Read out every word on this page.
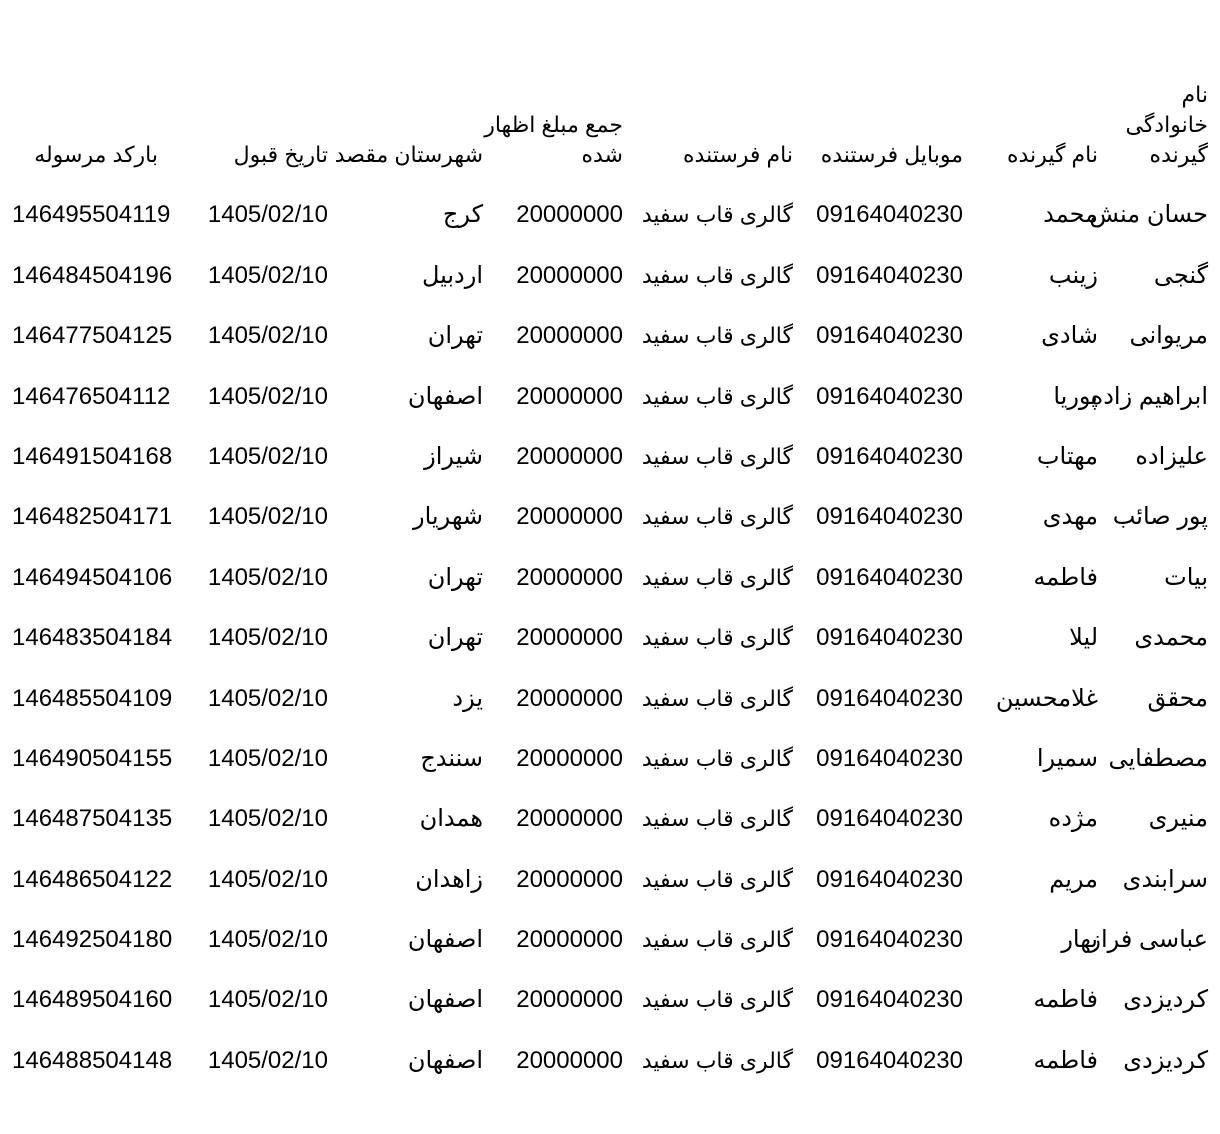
نام خانوادگی گیرنده	نام گیرنده	موبایل فرستنده	نام فرستنده	جمع مبلغ اظهار شده	شهرستان مقصد	تاریخ قبول	بارکد مرسوله
حسان منش	محمد	09164040230	گالری قاب سفید	20000000	کرج	1405/02/10	146495504119
گنجی	زینب	09164040230	گالری قاب سفید	20000000	اردبیل	1405/02/10	146484504196
مریوانی	شادی	09164040230	گالری قاب سفید	20000000	تهران	1405/02/10	146477504125
ابراهیم زاده	پوریا	09164040230	گالری قاب سفید	20000000	اصفهان	1405/02/10	146476504112
علیزاده	مهتاب	09164040230	گالری قاب سفید	20000000	شیراز	1405/02/10	146491504168
پور صائب	مهدی	09164040230	گالری قاب سفید	20000000	شهریار	1405/02/10	146482504171
بیات	فاطمه	09164040230	گالری قاب سفید	20000000	تهران	1405/02/10	146494504106
محمدی	لیلا	09164040230	گالری قاب سفید	20000000	تهران	1405/02/10	146483504184
محقق	غلامحسین	09164040230	گالری قاب سفید	20000000	یزد	1405/02/10	146485504109
مصطفایی	سمیرا	09164040230	گالری قاب سفید	20000000	سنندج	1405/02/10	146490504155
منیری	مژده	09164040230	گالری قاب سفید	20000000	همدان	1405/02/10	146487504135
سرابندی	مریم	09164040230	گالری قاب سفید	20000000	زاهدان	1405/02/10	146486504122
عباسی فراز	بهار	09164040230	گالری قاب سفید	20000000	اصفهان	1405/02/10	146492504180
کردیزدی	فاطمه	09164040230	گالری قاب سفید	20000000	اصفهان	1405/02/10	146489504160
کردیزدی	فاطمه	09164040230	گالری قاب سفید	20000000	اصفهان	1405/02/10	146488504148
